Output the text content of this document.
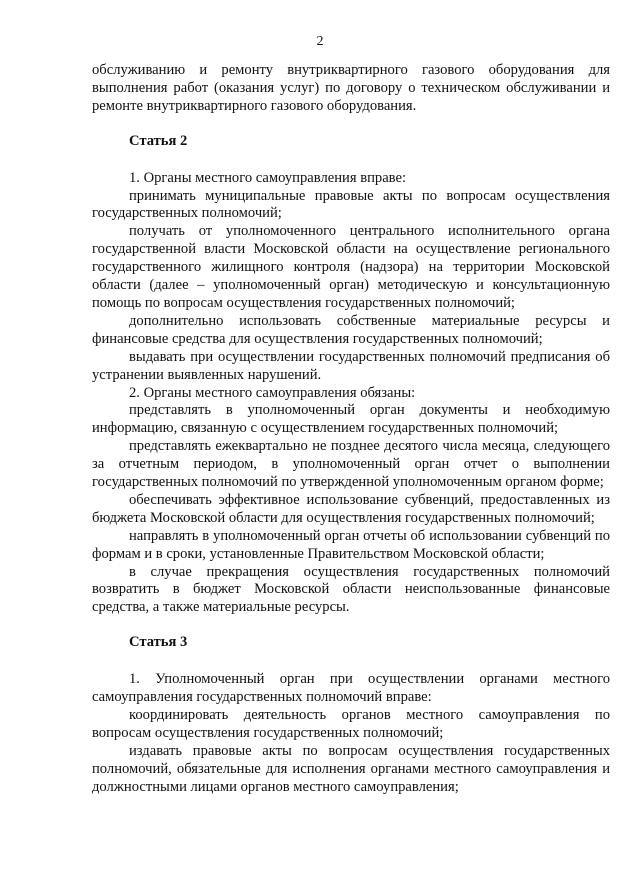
2

обслуживанию и ремонту внутриквартирного газового оборудования для выполнения работ (оказания услуг) по договору о техническом обслуживании и ремонте внутриквартирного газового оборудования.

Статья 2

1. Органы местного самоуправления вправе:

принимать муниципальные правовые акты по вопросам осуществления государственных полномочий;

получать от уполномоченного центрального исполнительного органа государственной власти Московской области на осуществление регионального государственного жилищного контроля (надзора) на территории Московской области (далее – уполномоченный орган) методическую и консультационную помощь по вопросам осуществления государственных полномочий;

дополнительно использовать собственные материальные ресурсы и финансовые средства для осуществления государственных полномочий;

выдавать при осуществлении государственных полномочий предписания об устранении выявленных нарушений.

2. Органы местного самоуправления обязаны:

представлять в уполномоченный орган документы и необходимую информацию, связанную с осуществлением государственных полномочий;

представлять ежеквартально не позднее десятого числа месяца, следующего за отчетным периодом, в уполномоченный орган отчет о выполнении государственных полномочий по утвержденной уполномоченным органом форме;

обеспечивать эффективное использование субвенций, предоставленных из бюджета Московской области для осуществления государственных полномочий;

направлять в уполномоченный орган отчеты об использовании субвенций по формам и в сроки, установленные Правительством Московской области;

в случае прекращения осуществления государственных полномочий возвратить в бюджет Московской области неиспользованные финансовые средства, а также материальные ресурсы.

Статья 3

1. Уполномоченный орган при осуществлении органами местного самоуправления государственных полномочий вправе:

координировать деятельность органов местного самоуправления по вопросам осуществления государственных полномочий;

издавать правовые акты по вопросам осуществления государственных полномочий, обязательные для исполнения органами местного самоуправления и должностными лицами органов местного самоуправления;
